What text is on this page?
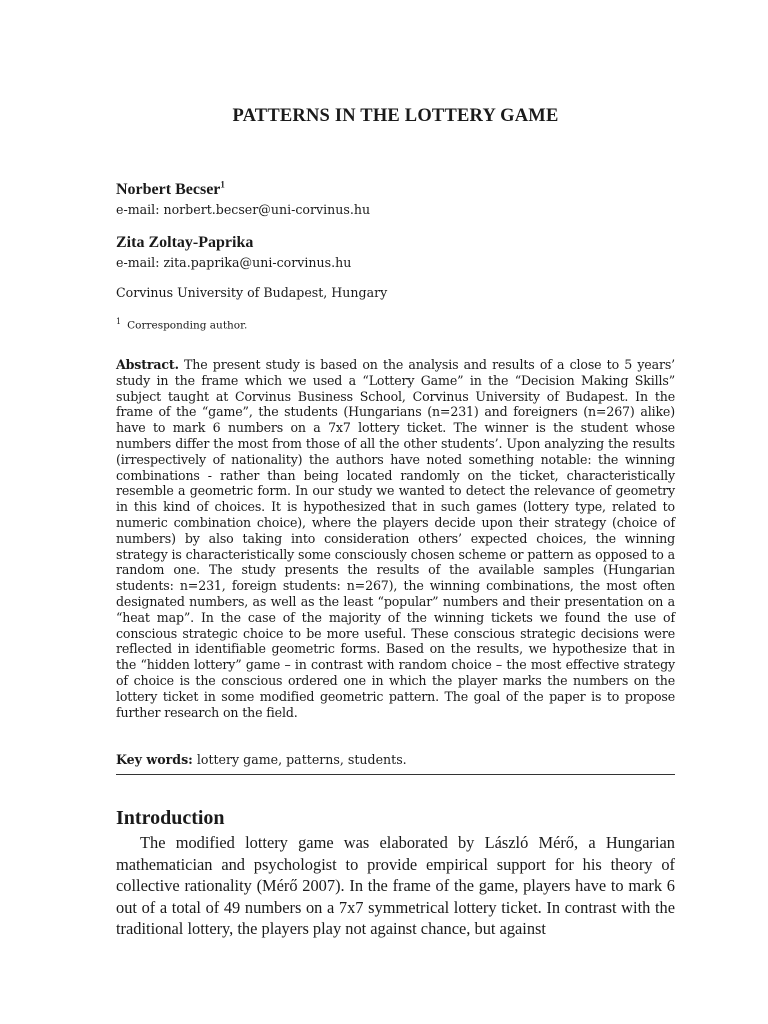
PATTERNS IN THE LOTTERY GAME
Norbert Becser$^1$
e-mail: norbert.becser@uni-corvinus.hu
Zita Zoltay-Paprika
e-mail: zita.paprika@uni-corvinus.hu
Corvinus University of Budapest, Hungary
$^1$ Corresponding author.
Abstract. The present study is based on the analysis and results of a close to 5 years’ study in the frame which we used a “Lottery Game” in the “Decision Making Skills” subject taught at Corvinus Business School, Corvinus University of Budapest. In the frame of the “game”, the students (Hungarians (n=231) and foreigners (n=267) alike) have to mark 6 numbers on a 7x7 lottery ticket. The winner is the student whose numbers differ the most from those of all the other students’. Upon analyzing the results (irrespectively of nationality) the authors have noted something notable: the winning combinations - rather than being located randomly on the ticket, characteristically resemble a geometric form. In our study we wanted to detect the relevance of geometry in this kind of choices. It is hypothesized that in such games (lottery type, related to numeric combination choice), where the players decide upon their strategy (choice of numbers) by also taking into consideration others’ expected choices, the winning strategy is characteristically some consciously chosen scheme or pattern as opposed to a random one. The study presents the results of the available samples (Hungarian students: n=231, foreign students: n=267), the winning combinations, the most often designated numbers, as well as the least “popular” numbers and their presentation on a “heat map”. In the case of the majority of the winning tickets we found the use of conscious strategic choice to be more useful. These conscious strategic decisions were reflected in identifiable geometric forms. Based on the results, we hypothesize that in the “hidden lottery” game – in contrast with random choice – the most effective strategy of choice is the conscious ordered one in which the player marks the numbers on the lottery ticket in some modified geometric pattern. The goal of the paper is to propose further research on the field.
Key words: lottery game, patterns, students.
Introduction
The modified lottery game was elaborated by László Mérő, a Hungarian mathematician and psychologist to provide empirical support for his theory of collective rationality (Mérő 2007). In the frame of the game, players have to mark 6 out of a total of 49 numbers on a 7x7 symmetrical lottery ticket. In contrast with the traditional lottery, the players play not against chance, but against
